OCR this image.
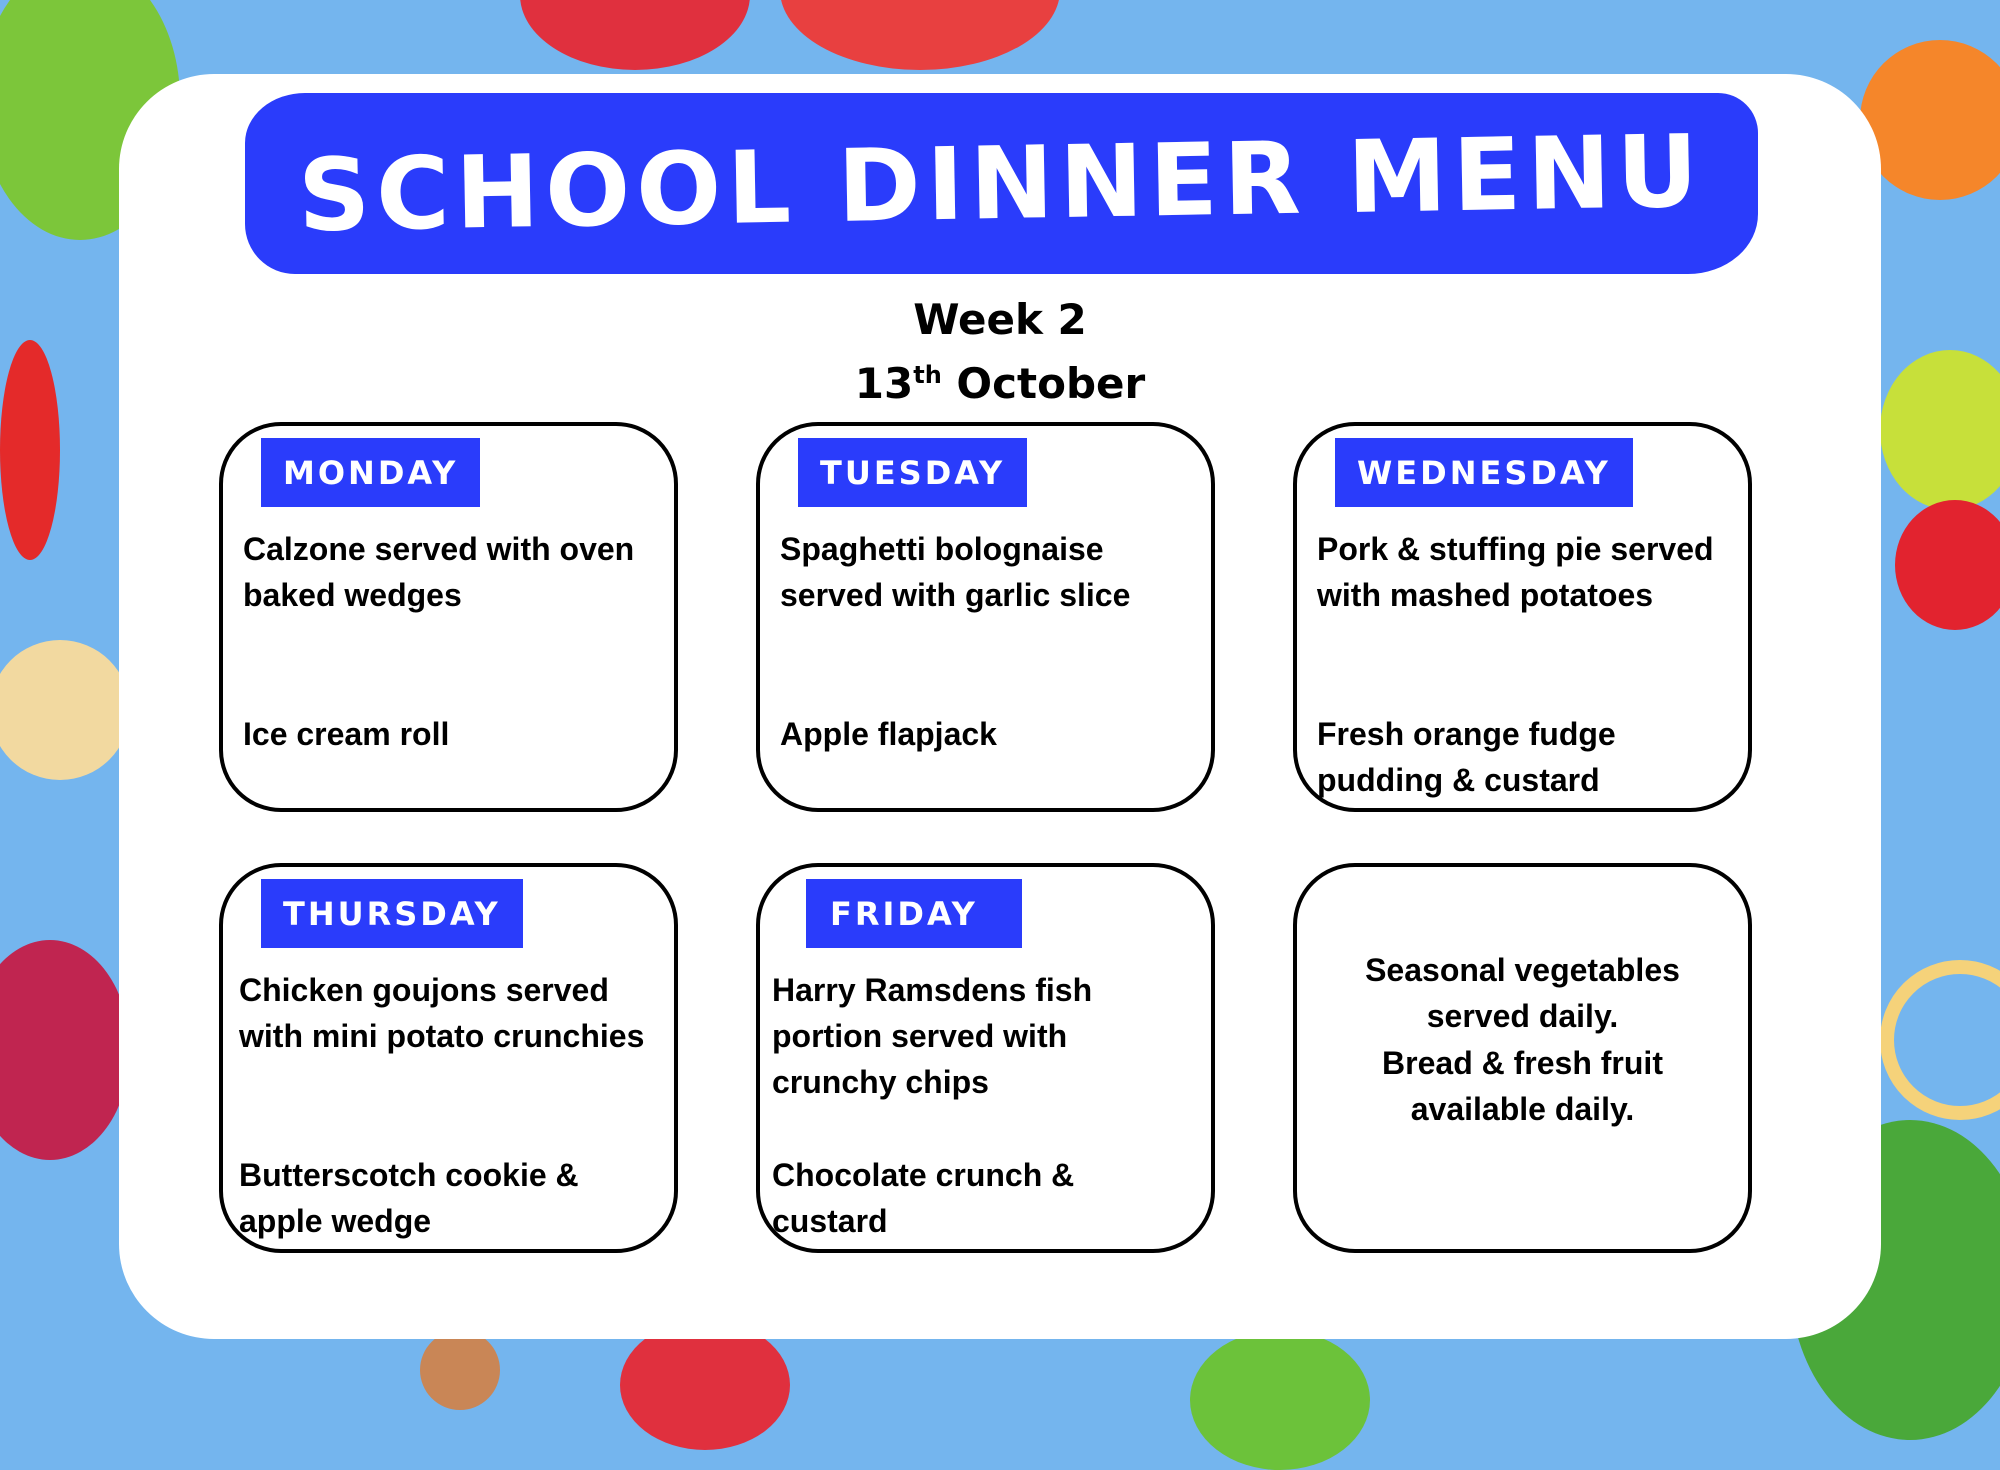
SCHOOL DINNER MENU
Week 2
13th October
MONDAY
Calzone served with oven baked wedges
Ice cream roll
TUESDAY
Spaghetti bolognaise served with garlic slice
Apple flapjack
WEDNESDAY
Pork & stuffing pie served with mashed potatoes
Fresh orange fudge pudding & custard
THURSDAY
Chicken goujons served with mini potato crunchies
Butterscotch cookie & apple wedge
FRIDAY
Harry Ramsdens fish portion served with crunchy chips
Chocolate crunch & custard
Seasonal vegetables served daily.
Bread & fresh fruit available daily.
